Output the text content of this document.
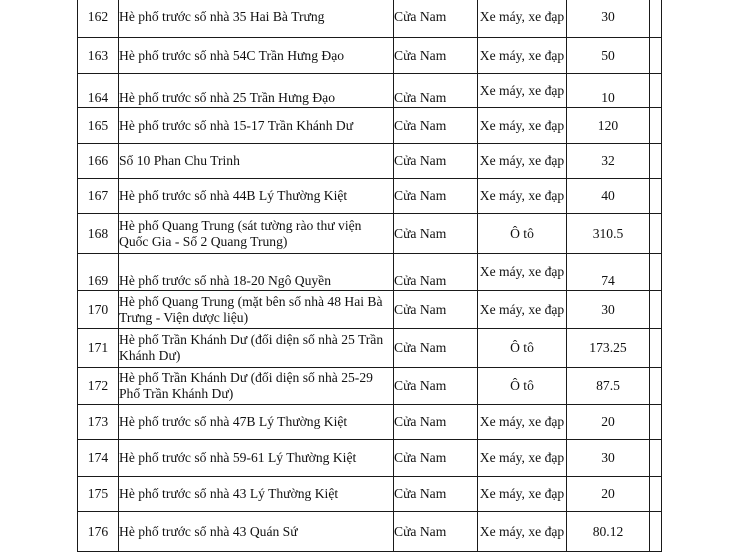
162	Hè phố trước số nhà 35 Hai Bà Trưng	Cửa Nam	Xe máy, xe đạp	30	
163	Hè phố trước số nhà 54C Trần Hưng Đạo	Cửa Nam	Xe máy, xe đạp	50	
164	Hè phố trước số nhà 25 Trần Hưng Đạo	Cửa Nam	Xe máy, xe đạp	10	
165	Hè phố trước số nhà 15-17 Trần Khánh Dư	Cửa Nam	Xe máy, xe đạp	120	
166	Số 10 Phan Chu Trinh	Cửa Nam	Xe máy, xe đạp	32	
167	Hè phố trước số nhà 44B Lý Thường Kiệt	Cửa Nam	Xe máy, xe đạp	40	
168	Hè phố Quang Trung (sát tường rào thư viện Quốc Gia - Số 2 Quang Trung)	Cửa Nam	Ô tô	310.5	
169	Hè phố trước số nhà 18-20 Ngô Quyền	Cửa Nam	Xe máy, xe đạp	74	
170	Hè phố Quang Trung (mặt bên số nhà 48 Hai Bà Trưng - Viện dược liệu)	Cửa Nam	Xe máy, xe đạp	30	
171	Hè phố Trần Khánh Dư (đối diện số nhà 25 Trần Khánh Dư)	Cửa Nam	Ô tô	173.25	
172	Hè phố Trần Khánh Dư (đối diện số nhà 25-29 Phố Trần Khánh Dư)	Cửa Nam	Ô tô	87.5	
173	Hè phố trước số nhà 47B Lý Thường Kiệt	Cửa Nam	Xe máy, xe đạp	20	
174	Hè phố trước số nhà 59-61 Lý Thường Kiệt	Cửa Nam	Xe máy, xe đạp	30	
175	Hè phố trước số nhà 43 Lý Thường Kiệt	Cửa Nam	Xe máy, xe đạp	20	
176	Hè phố trước số nhà 43 Quán Sứ	Cửa Nam	Xe máy, xe đạp	80.12	
